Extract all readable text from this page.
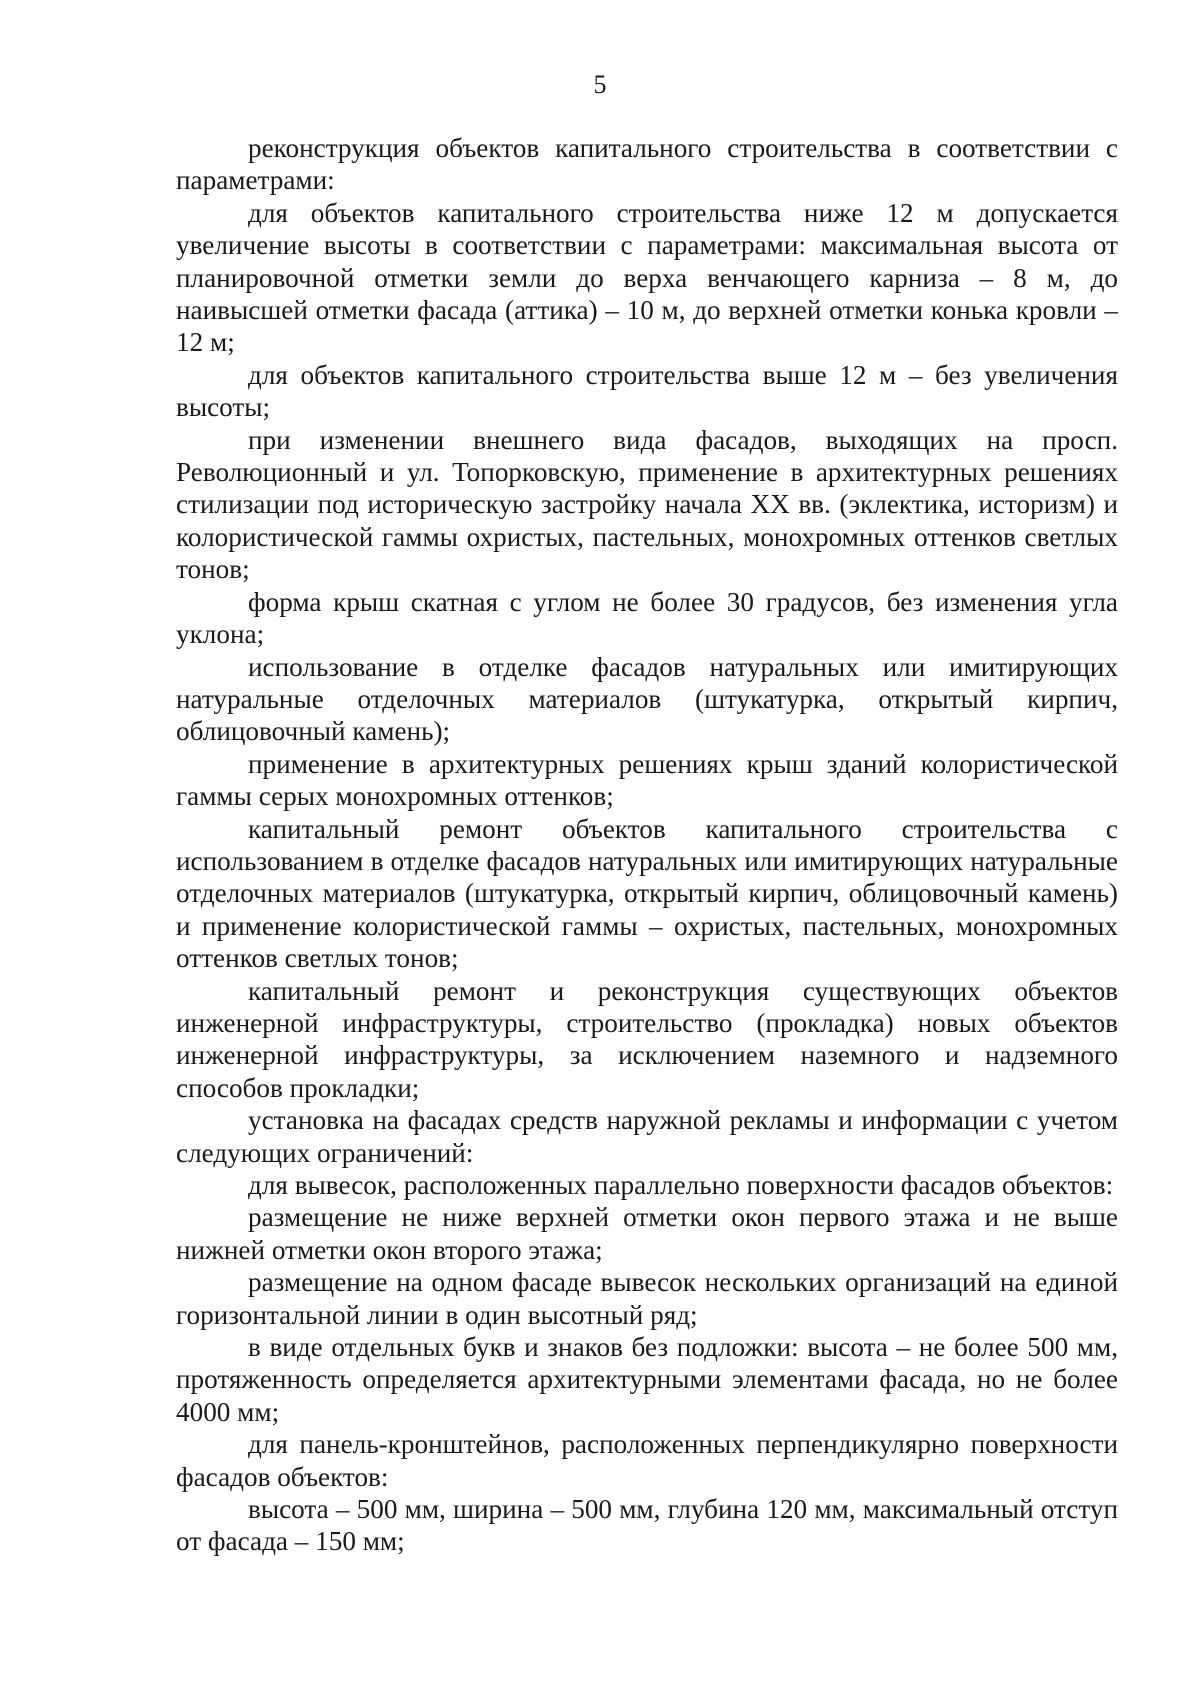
5

реконструкция объектов капитального строительства в соответствии с параметрами:

для объектов капитального строительства ниже 12 м допускается увеличение высоты в соответствии с параметрами: максимальная высота от планировочной отметки земли до верха венчающего карниза – 8 м, до наивысшей отметки фасада (аттика) – 10 м, до верхней отметки конька кровли – 12 м;

для объектов капитального строительства выше 12 м – без увеличения высоты;

при изменении внешнего вида фасадов, выходящих на просп. Революционный и ул. Топорковскую, применение в архитектурных решениях стилизации под историческую застройку начала XX вв. (эклектика, историзм) и колористической гаммы охристых, пастельных, монохромных оттенков светлых тонов;

форма крыш скатная с углом не более 30 градусов, без изменения угла уклона;

использование в отделке фасадов натуральных или имитирующих натуральные отделочных материалов (штукатурка, открытый кирпич, облицовочный камень);

применение в архитектурных решениях крыш зданий колористической гаммы серых монохромных оттенков;

капитальный ремонт объектов капитального строительства с использованием в отделке фасадов натуральных или имитирующих натуральные отделочных материалов (штукатурка, открытый кирпич, облицовочный камень) и применение колористической гаммы – охристых, пастельных, монохромных оттенков светлых тонов;

капитальный ремонт и реконструкция существующих объектов инженерной инфраструктуры, строительство (прокладка) новых объектов инженерной инфраструктуры, за исключением наземного и надземного способов прокладки;

установка на фасадах средств наружной рекламы и информации с учетом следующих ограничений:

для вывесок, расположенных параллельно поверхности фасадов объектов:

размещение не ниже верхней отметки окон первого этажа и не выше нижней отметки окон второго этажа;

размещение на одном фасаде вывесок нескольких организаций на единой горизонтальной линии в один высотный ряд;

в виде отдельных букв и знаков без подложки: высота – не более 500 мм, протяженность определяется архитектурными элементами фасада, но не более 4000 мм;

для панель-кронштейнов, расположенных перпендикулярно поверхности фасадов объектов:

высота – 500 мм, ширина – 500 мм, глубина 120 мм, максимальный отступ от фасада – 150 мм;
